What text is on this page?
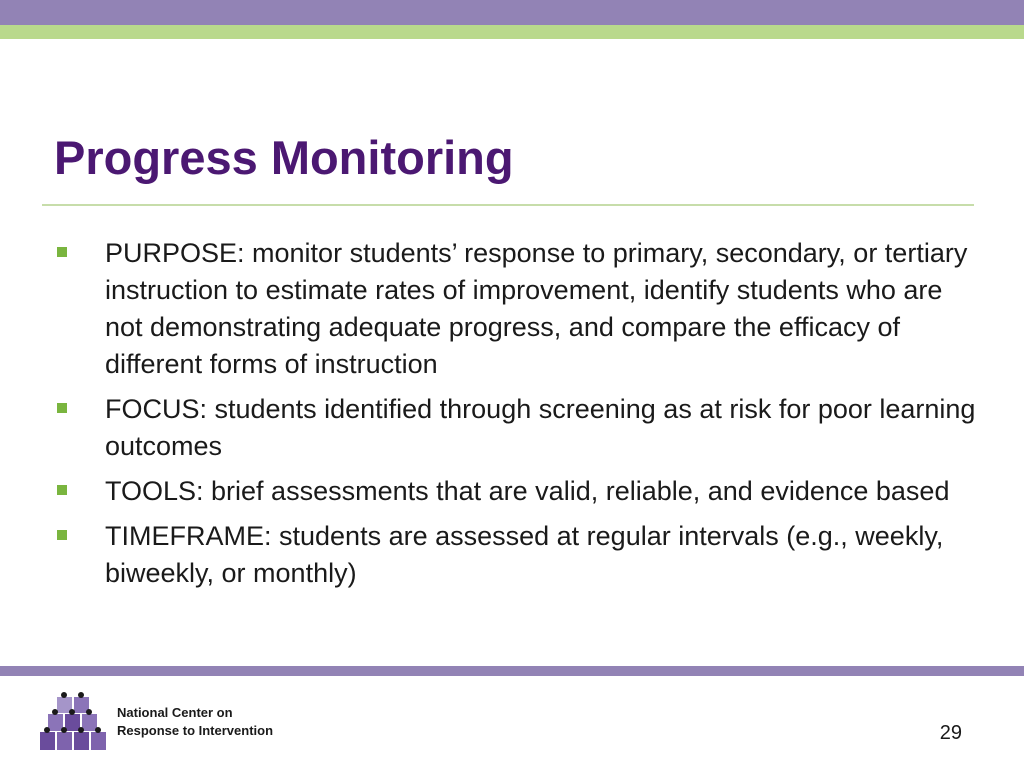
Progress Monitoring
PURPOSE: monitor students’ response to primary, secondary, or tertiary instruction to estimate rates of improvement, identify students who are not demonstrating adequate progress, and compare the efficacy of different forms of instruction
FOCUS: students identified through screening as at risk for poor learning outcomes
TOOLS: brief assessments that are valid, reliable, and evidence based
TIMEFRAME: students are assessed at regular intervals (e.g., weekly, biweekly, or monthly)
National Center on
Response to Intervention	29
